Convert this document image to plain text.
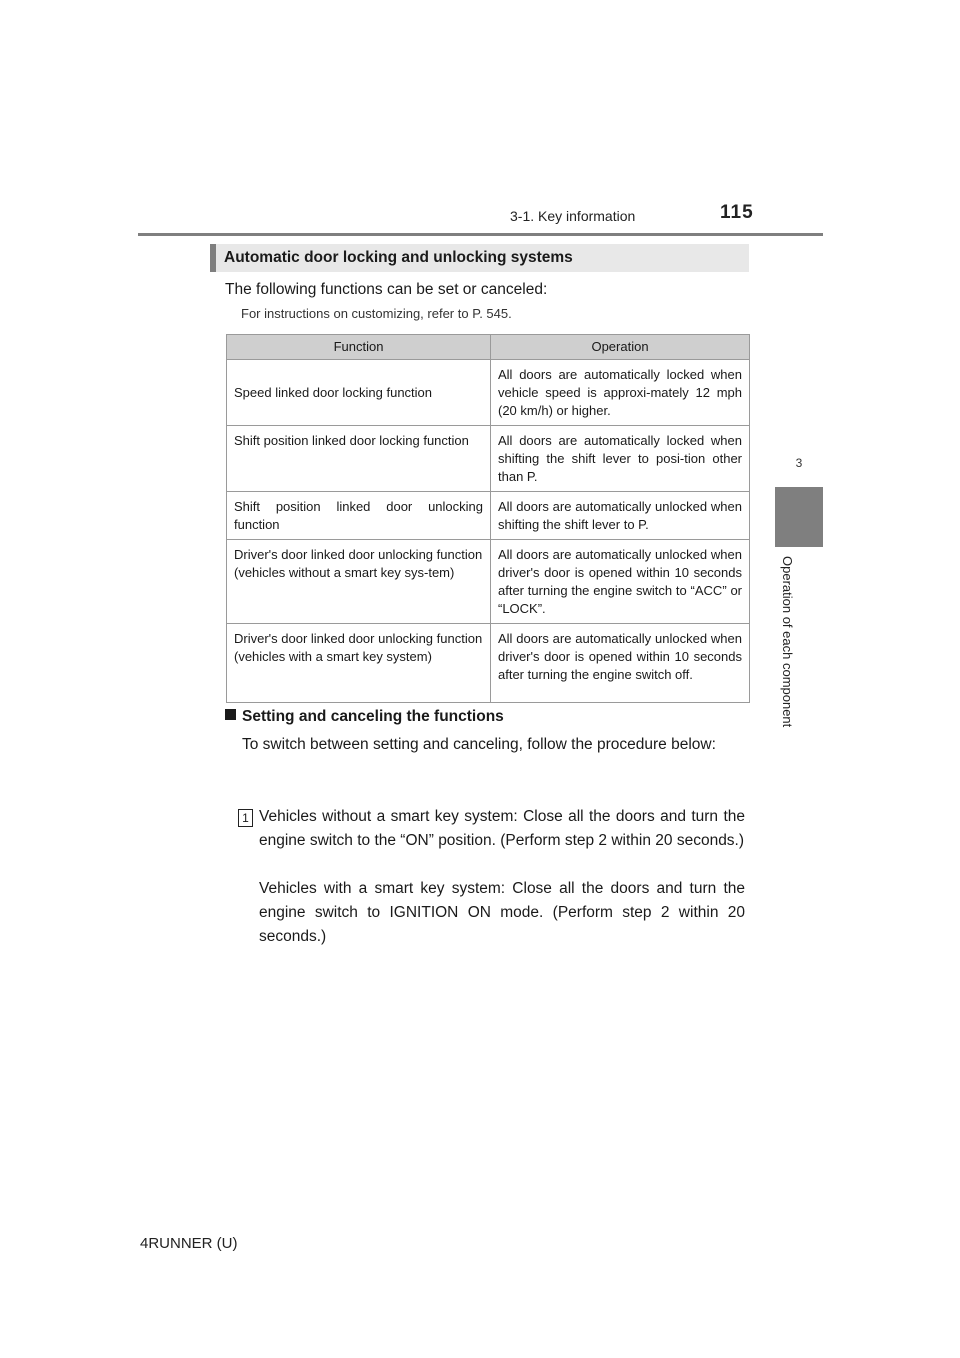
3-1. Key information	115
3
Operation of each component
Automatic door locking and unlocking systems
The following functions can be set or canceled:
For instructions on customizing, refer to P. 545.
Function	Operation
Speed linked door locking function	All doors are automatically locked when vehicle speed is approxi-mately 12 mph (20 km/h) or higher.
Shift position linked door locking function	All doors are automatically locked when shifting the shift lever to posi-tion other than P.
Shift position linked door unlocking function	All doors are automatically unlocked when shifting the shift lever to P.
Driver's door linked door unlocking function
(vehicles without a smart key sys-tem)	All doors are automatically unlocked when driver's door is opened within 10 seconds after turning the engine switch to “ACC” or “LOCK”.
Driver's door linked door unlocking function
(vehicles with a smart key system)	All doors are automatically unlocked when driver's door is opened within 10 seconds after turning the engine switch off.
Setting and canceling the functions
To switch between setting and canceling, follow the procedure below:
1 Vehicles without a smart key system: Close all the doors and turn the engine switch to the “ON” position. (Perform step 2 within 20 seconds.)
Vehicles with a smart key system: Close all the doors and turn the engine switch to IGNITION ON mode. (Perform step 2 within 20 seconds.)
4RUNNER (U)
